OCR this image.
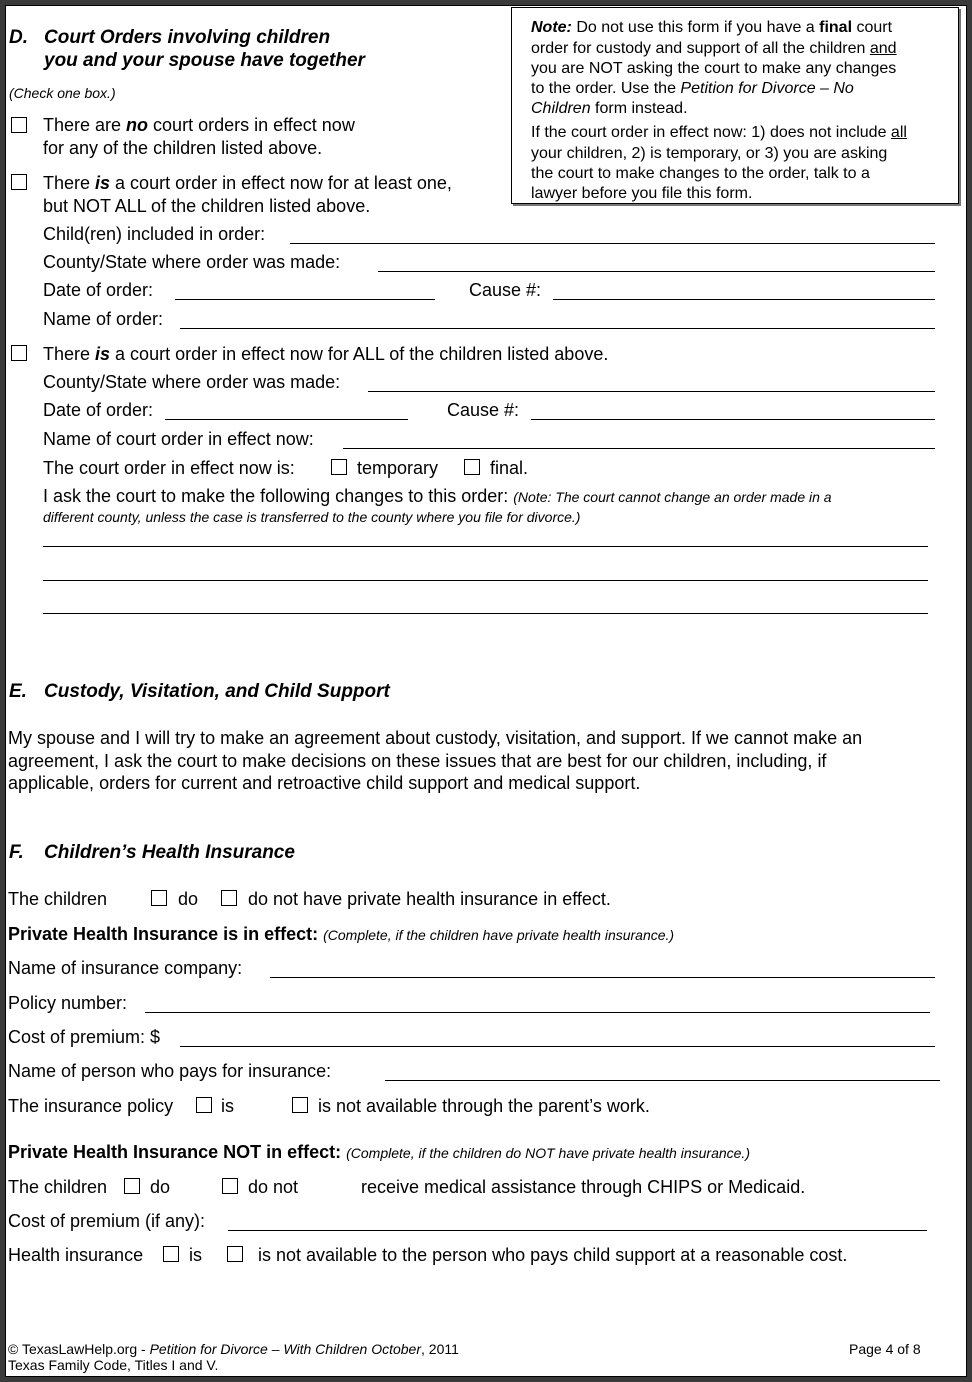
D. Court Orders involving children
you and your spouse have together
(Check one box.)
There are no court orders in effect now
for any of the children listed above.
There is a court order in effect now for at least one,
but NOT ALL of the children listed above.
Note: Do not use this form if you have a final court
order for custody and support of all the children and
you are NOT asking the court to make any changes
to the order. Use the Petition for Divorce – No
Children form instead.
If the court order in effect now: 1) does not include all
your children, 2) is temporary, or 3) you are asking
the court to make changes to the order, talk to a
lawyer before you file this form.
Child(ren) included in order:
County/State where order was made:
Date of order:	Cause #:
Name of order:
There is a court order in effect now for ALL of the children listed above.
County/State where order was made:
Date of order:	Cause #:
Name of court order in effect now:
The court order in effect now is:	temporary	final.
I ask the court to make the following changes to this order: (Note: The court cannot change an order made in a
different county, unless the case is transferred to the county where you file for divorce.)
E. Custody, Visitation, and Child Support
My spouse and I will try to make an agreement about custody, visitation, and support. If we cannot make an
agreement, I ask the court to make decisions on these issues that are best for our children, including, if
applicable, orders for current and retroactive child support and medical support.
F. Children’s Health Insurance
The children	do	do not have private health insurance in effect.
Private Health Insurance is in effect: (Complete, if the children have private health insurance.)
Name of insurance company:
Policy number:
Cost of premium: $
Name of person who pays for insurance:
The insurance policy	is	is not available through the parent’s work.
Private Health Insurance NOT in effect: (Complete, if the children do NOT have private health insurance.)
The children do	do not	receive medical assistance through CHIPS or Medicaid.
Cost of premium (if any):
Health insurance	is	is not available to the person who pays child support at a reasonable cost.
© TexasLawHelp.org - Petition for Divorce – With Children October, 2011
Texas Family Code, Titles I and V.
Page 4 of 8
